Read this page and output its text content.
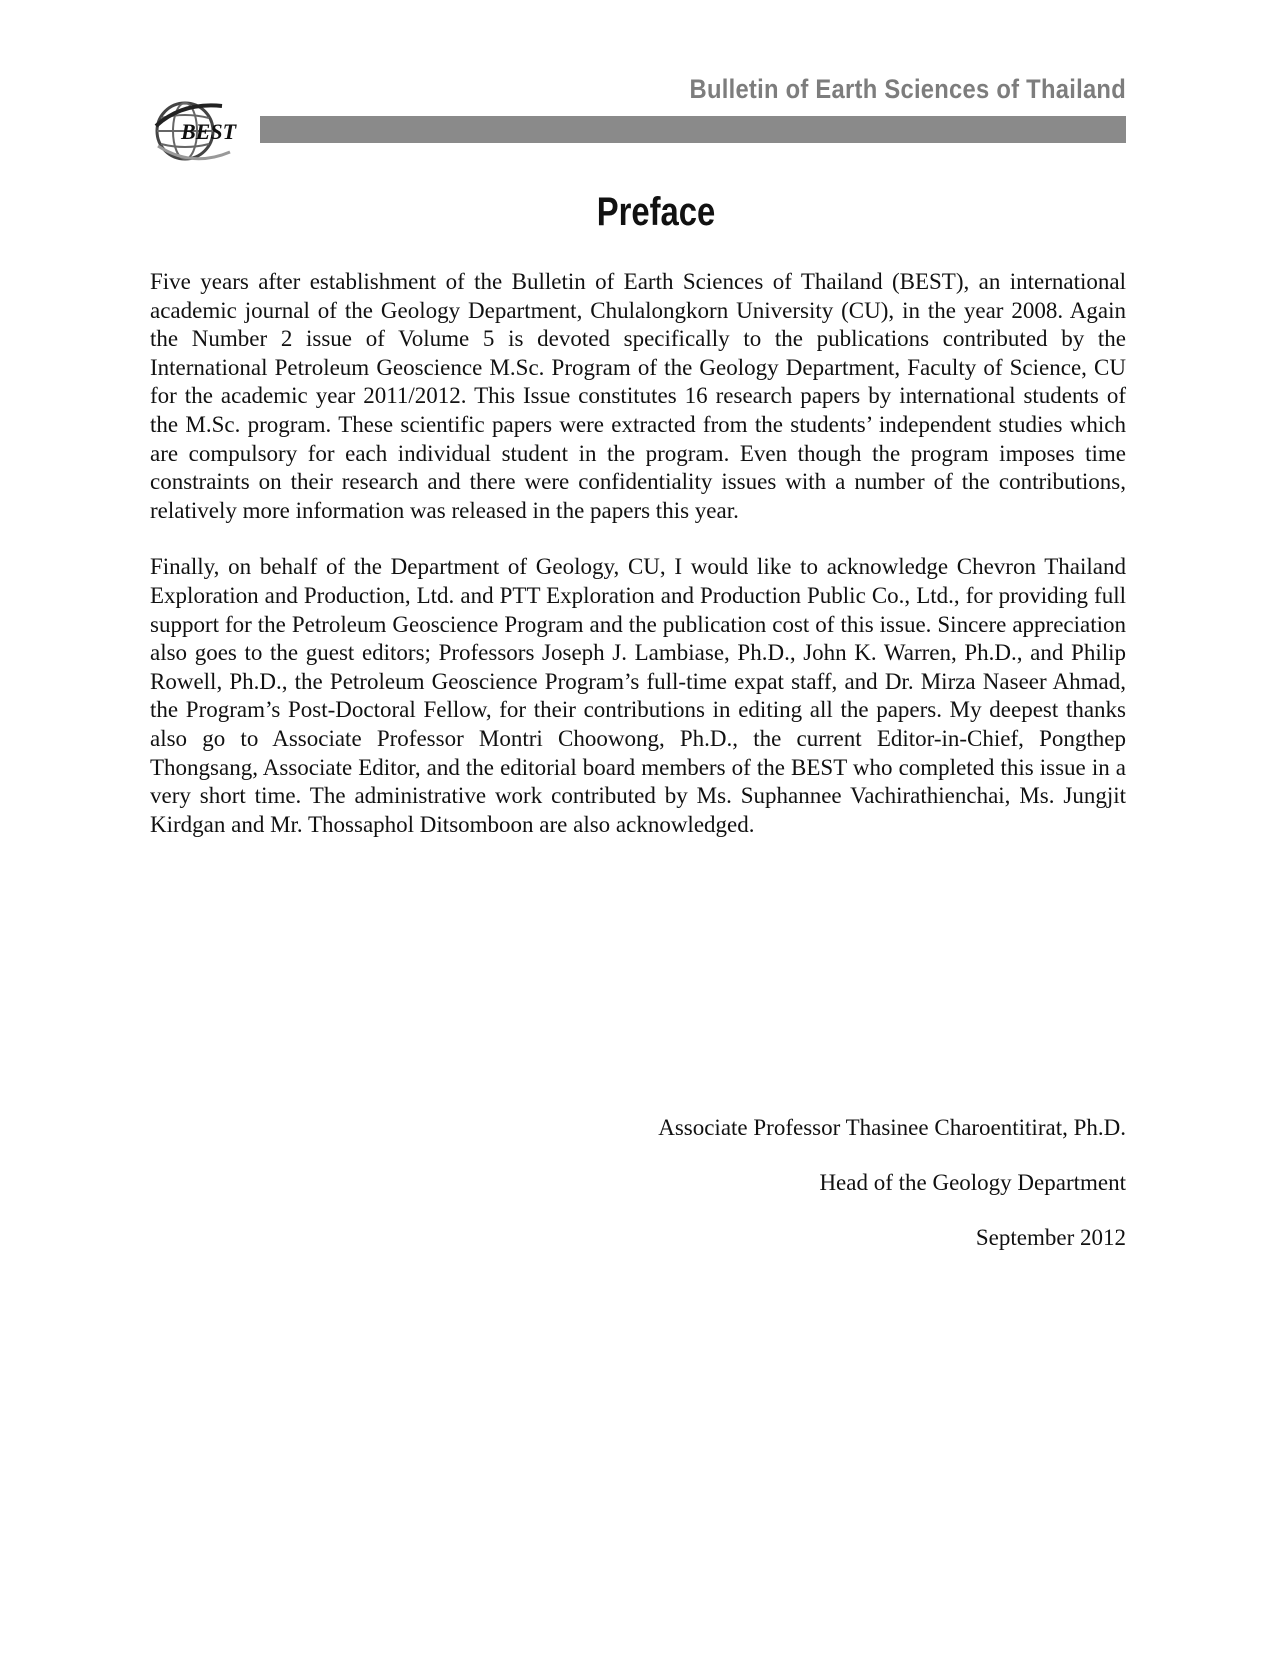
BEST
Bulletin of Earth Sciences of Thailand
Preface

Five years after establishment of the Bulletin of Earth Sciences of Thailand (BEST), an international academic journal of the Geology Department, Chulalongkorn University (CU), in the year 2008. Again the Number 2 issue of Volume 5 is devoted specifically to the publications contributed by the International Petroleum Geoscience M.Sc. Program of the Geology Department, Faculty of Science, CU for the academic year 2011/2012. This Issue constitutes 16 research papers by international students of the M.Sc. program. These scientific papers were extracted from the students’ independent studies which are compulsory for each individual student in the program. Even though the program imposes time constraints on their research and there were confidentiality issues with a number of the contributions, relatively more information was released in the papers this year.

Finally, on behalf of the Department of Geology, CU, I would like to acknowledge Chevron Thailand Exploration and Production, Ltd. and PTT Exploration and Production Public Co., Ltd., for providing full support for the Petroleum Geoscience Program and the publication cost of this issue. Sincere appreciation also goes to the guest editors; Professors Joseph J. Lambiase, Ph.D., John K. Warren, Ph.D., and Philip Rowell, Ph.D., the Petroleum Geoscience Program’s full-time expat staff, and Dr. Mirza Naseer Ahmad, the Program’s Post-Doctoral Fellow, for their contributions in editing all the papers. My deepest thanks also go to Associate Professor Montri Choowong, Ph.D., the current Editor-in-Chief, Pongthep Thongsang, Associate Editor, and the editorial board members of the BEST who completed this issue in a very short time. The administrative work contributed by Ms. Suphannee Vachirathienchai, Ms. Jungjit Kirdgan and Mr. Thossaphol Ditsomboon are also acknowledged.

Associate Professor Thasinee Charoentitirat, Ph.D.
Head of the Geology Department
September 2012
